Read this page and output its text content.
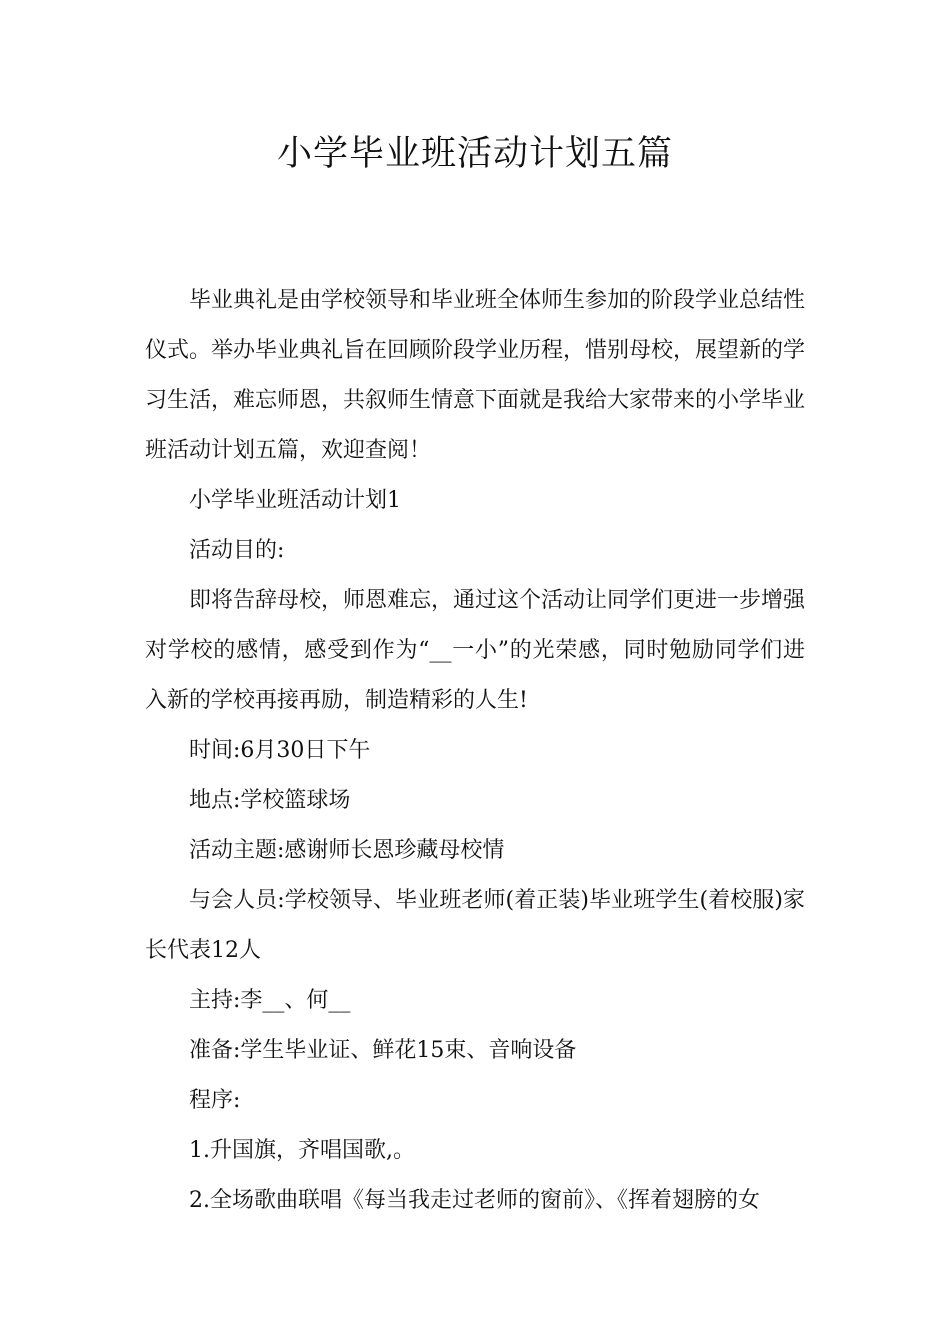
小学毕业班活动计划五篇

毕业典礼是由学校领导和毕业班全体师生参加的阶段学业总结性仪式。举办毕业典礼旨在回顾阶段学业历程，惜别母校，展望新的学习生活，难忘师恩，共叙师生情意下面就是我给大家带来的小学毕业班活动计划五篇，欢迎查阅！

小学毕业班活动计划1

活动目的:

即将告辞母校，师恩难忘，通过这个活动让同学们更进一步增强对学校的感情，感受到作为“__一小”的光荣感，同时勉励同学们进入新的学校再接再励，制造精彩的人生!

时间:6月30日下午

地点:学校篮球场

活动主题:感谢师长恩珍藏母校情

与会人员:学校领导、毕业班老师(着正装)毕业班学生(着校服)家长代表12人

主持:李__、何__

准备:学生毕业证、鲜花15束、音响设备

程序:

1.升国旗，齐唱国歌,。

2.全场歌曲联唱《每当我走过老师的窗前》、《挥着翅膀的女
